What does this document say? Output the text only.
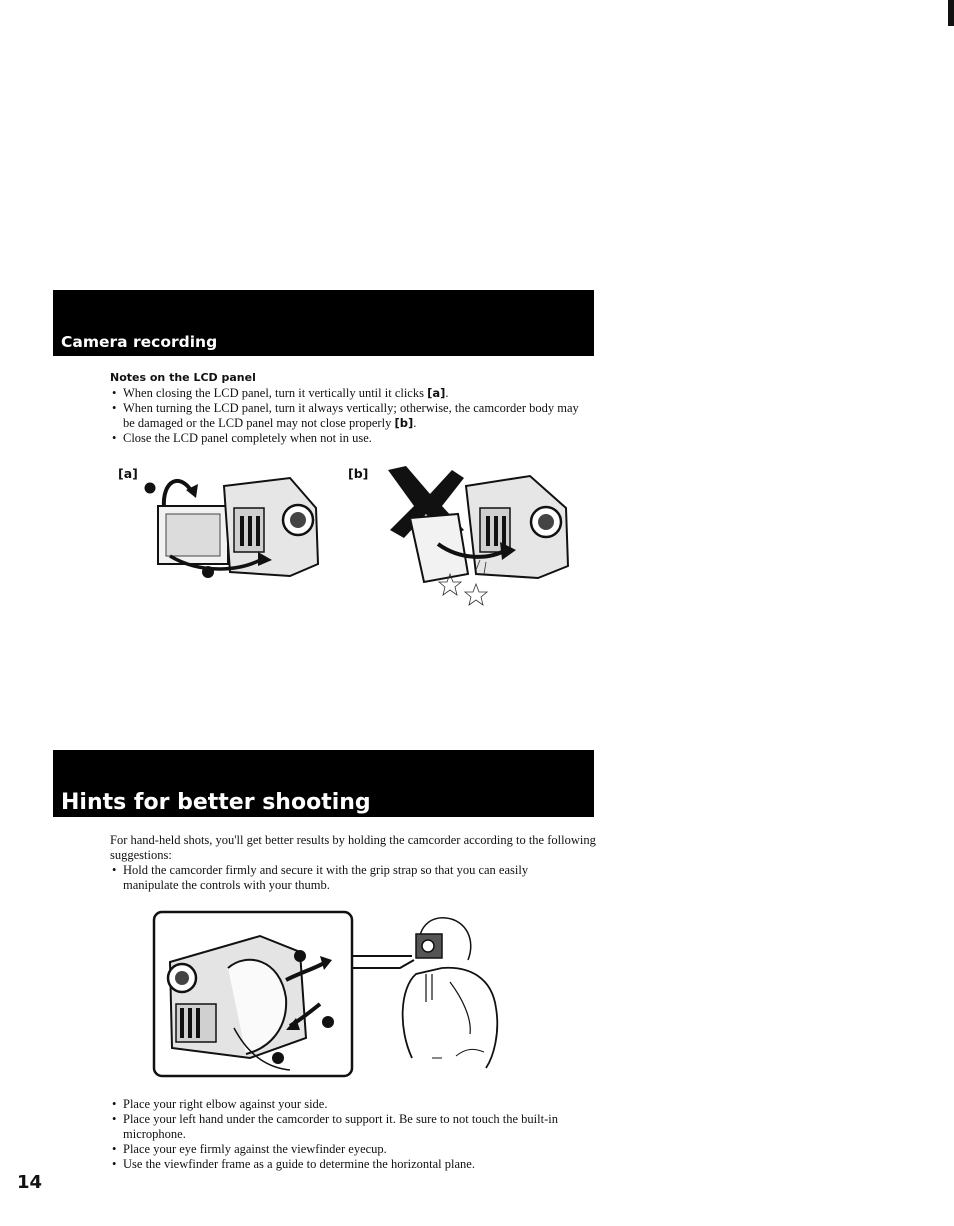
Camera recording
Notes on the LCD panel
• When closing the LCD panel, turn it vertically until it clicks [a].
• When turning the LCD panel, turn it always vertically; otherwise, the camcorder body may be damaged or the LCD panel may not close properly [b].
• Close the LCD panel completely when not in use.
[a]	[b]
Hints for better shooting
For hand-held shots, you'll get better results by holding the camcorder according to the following suggestions:
• Hold the camcorder firmly and secure it with the grip strap so that you can easily manipulate the controls with your thumb.
• Place your right elbow against your side.
• Place your left hand under the camcorder to support it. Be sure to not touch the built-in microphone.
• Place your eye firmly against the viewfinder eyecup.
• Use the viewfinder frame as a guide to determine the horizontal plane.
14
